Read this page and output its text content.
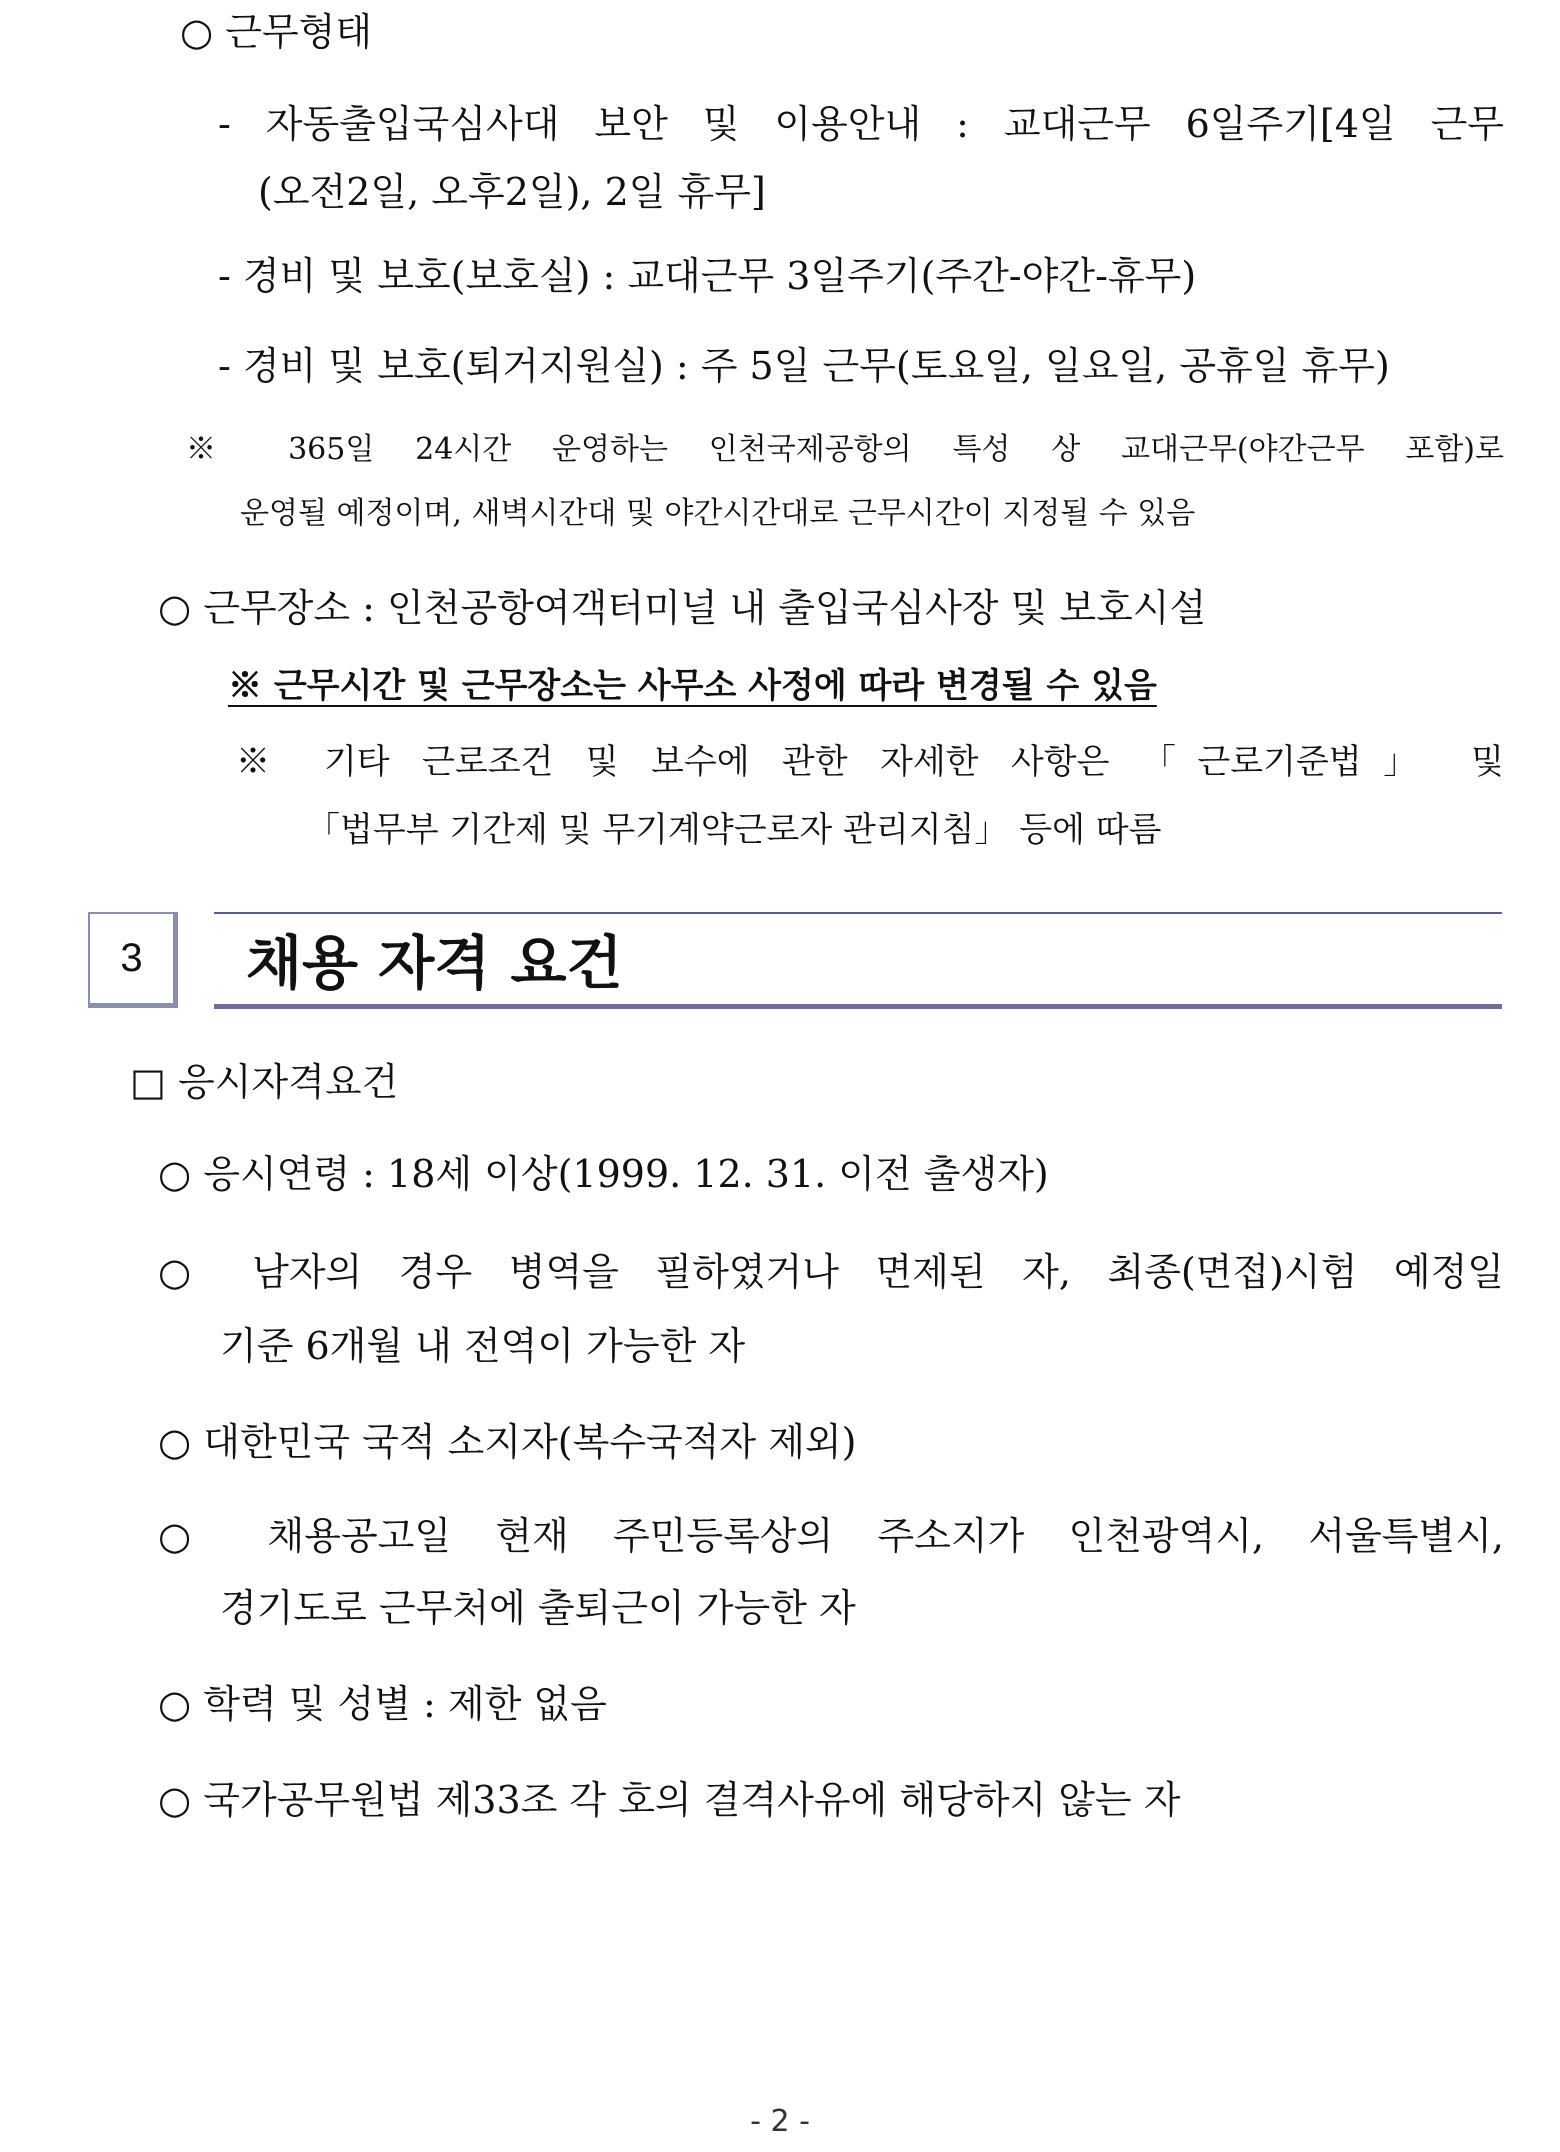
○ 근무형태
- 자동출입국심사대 보안 및 이용안내 : 교대근무 6일주기[4일 근무
(오전2일, 오후2일), 2일 휴무]
- 경비 및 보호(보호실) : 교대근무 3일주기(주간-야간-휴무)
- 경비 및 보호(퇴거지원실) : 주 5일 근무(토요일, 일요일, 공휴일 휴무)
※ 365일 24시간 운영하는 인천국제공항의 특성 상 교대근무(야간근무 포함)로
운영될 예정이며, 새벽시간대 및 야간시간대로 근무시간이 지정될 수 있음
○ 근무장소 : 인천공항여객터미널 내 출입국심사장 및 보호시설
※ 근무시간 및 근무장소는 사무소 사정에 따라 변경될 수 있음
※ 기타 근로조건 및 보수에 관한 자세한 사항은 「근로기준법」 및
「법무부 기간제 및 무기계약근로자 관리지침」 등에 따름
3 채용 자격 요건
□ 응시자격요건
○ 응시연령 : 18세 이상(1999. 12. 31. 이전 출생자)
○ 남자의 경우 병역을 필하였거나 면제된 자, 최종(면접)시험 예정일
기준 6개월 내 전역이 가능한 자
○ 대한민국 국적 소지자(복수국적자 제외)
○ 채용공고일 현재 주민등록상의 주소지가 인천광역시, 서울특별시,
경기도로 근무처에 출퇴근이 가능한 자
○ 학력 및 성별 : 제한 없음
○ 국가공무원법 제33조 각 호의 결격사유에 해당하지 않는 자
- 2 -
